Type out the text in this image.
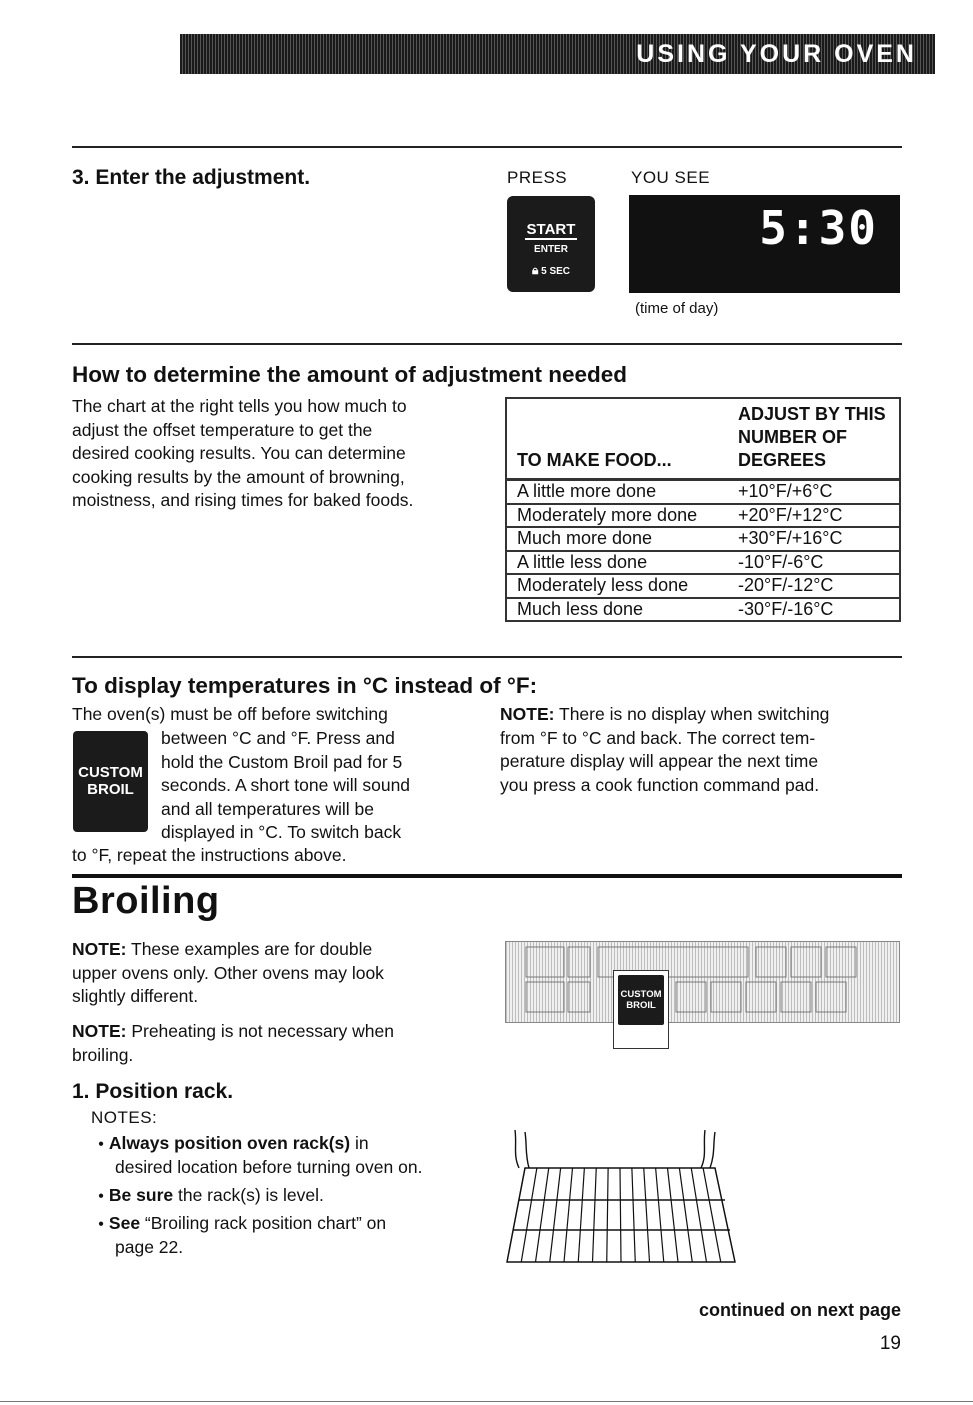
USING YOUR OVEN
3. Enter the adjustment.	PRESS	YOU SEE
START
ENTER
🔒︎ 5 SEC
5:30
(time of day)
How to determine the amount of adjustment needed
The chart at the right tells you how much to
adjust the offset temperature to get the
desired cooking results. You can determine
cooking results by the amount of browning,
moistness, and rising times for baked foods.
TO MAKE FOOD...	ADJUST BY THIS
NUMBER OF
DEGREES

A little more done	+10°F/+6°C
Moderately more done	+20°F/+12°C
Much more done	+30°F/+16°C
A little less done	-10°F/-6°C
Moderately less done	-20°F/-12°C
Much less done	-30°F/-16°C
To display temperatures in °C instead of °F:
The oven(s) must be off before switching
CUSTOM
BROIL
between °C and °F. Press and
hold the Custom Broil pad for 5
seconds. A short tone will sound
and all temperatures will be
displayed in °C. To switch back
to °F, repeat the instructions above.
NOTE: There is no display when switching
from °F to °C and back. The correct tem-
perature display will appear the next time
you press a cook function command pad.
Broiling
NOTE: These examples are for double
upper ovens only. Other ovens may look
slightly different.
NOTE: Preheating is not necessary when
broiling.
CUSTOM
BROIL
1. Position rack.
NOTES:
● Always position oven rack(s) in
desired location before turning oven on.
● Be sure the rack(s) is level.
● See “Broiling rack position chart” on
page 22.
continued on next page
19
